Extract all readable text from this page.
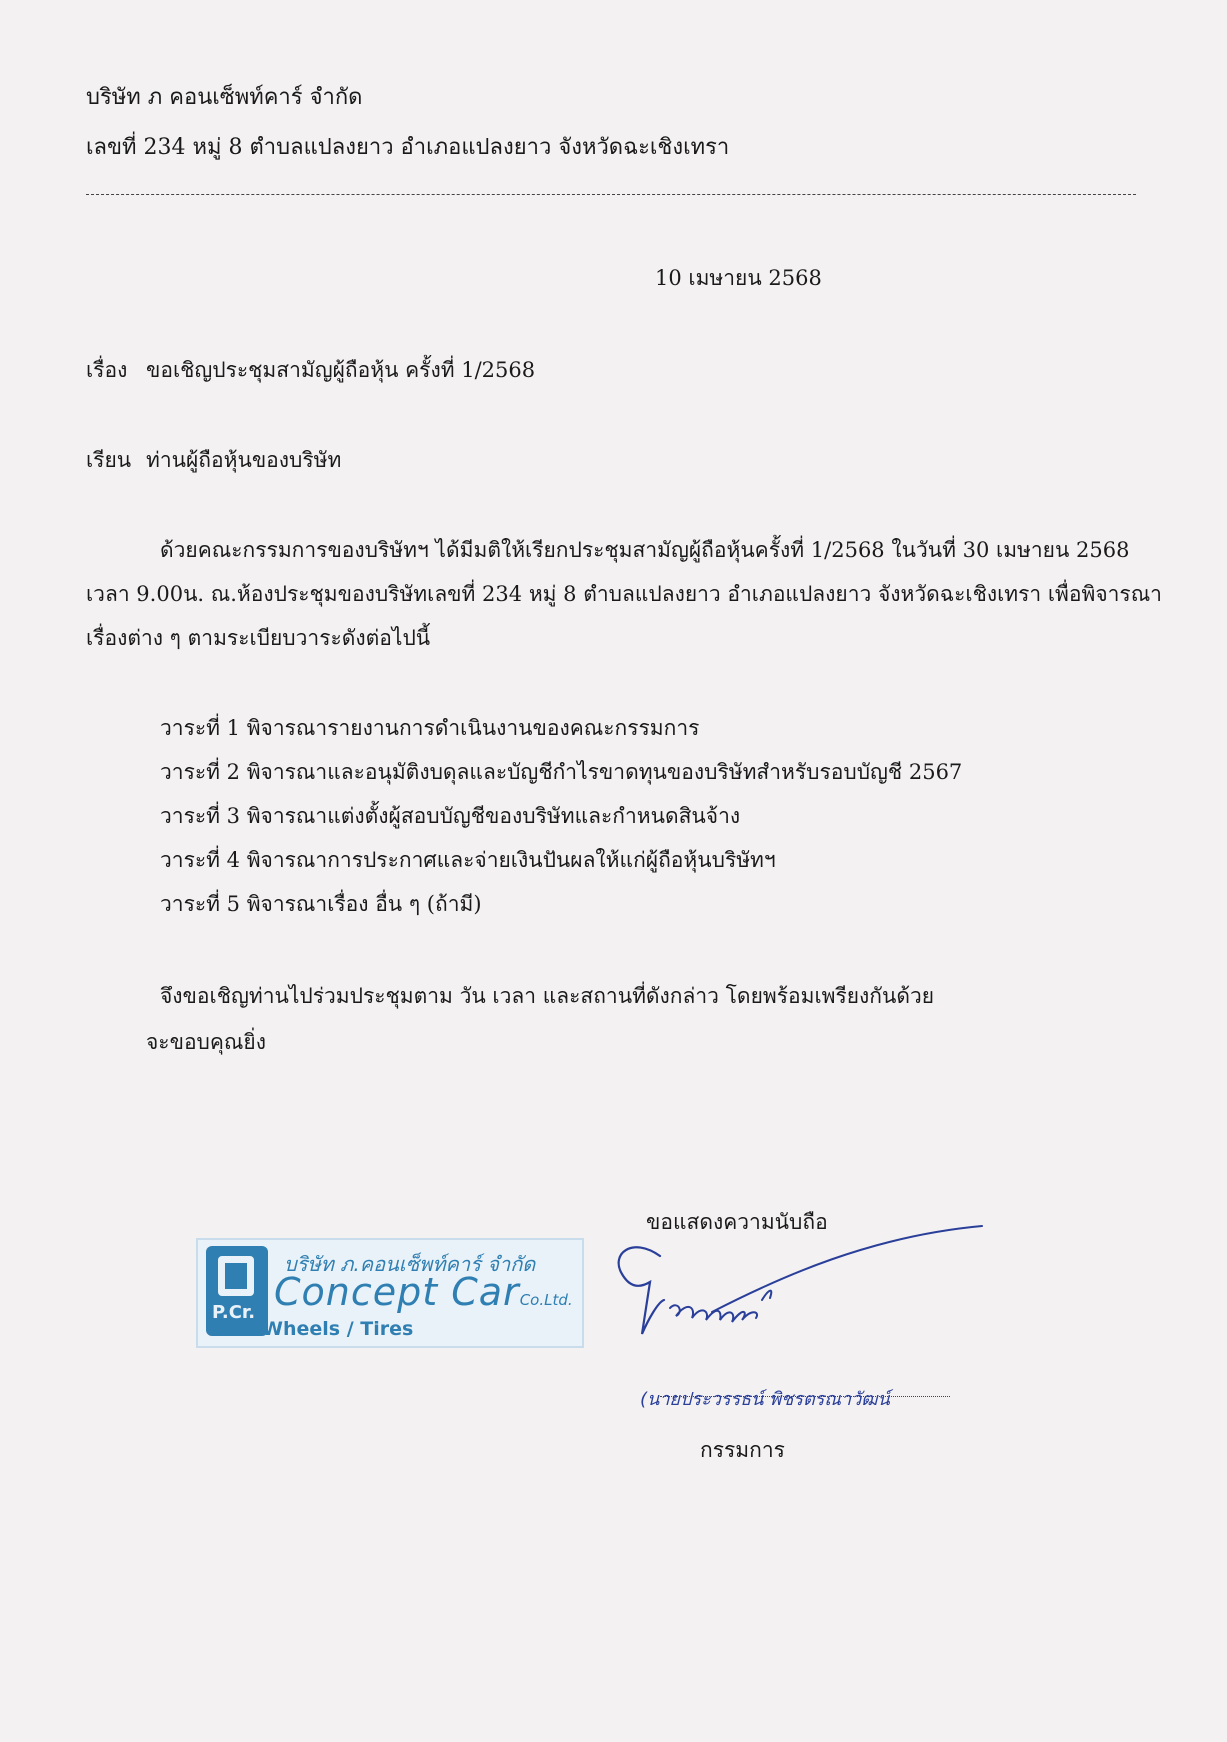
บริษัท ภ คอนเซ็พท์คาร์ จำกัด
เลขที่ 234 หมู่ 8 ตำบลแปลงยาว อำเภอแปลงยาว จังหวัดฉะเชิงเทรา
10 เมษายน 2568
เรื่อง ขอเชิญประชุมสามัญผู้ถือหุ้น ครั้งที่ 1/2568
เรียน ท่านผู้ถือหุ้นของบริษัท
ด้วยคณะกรรมการของบริษัทฯ ได้มีมติให้เรียกประชุมสามัญผู้ถือหุ้นครั้งที่ 1/2568 ในวันที่ 30 เมษายน 2568
เวลา 9.00น. ณ.ห้องประชุมของบริษัทเลขที่ 234 หมู่ 8 ตำบลแปลงยาว อำเภอแปลงยาว จังหวัดฉะเชิงเทรา เพื่อพิจารณา
เรื่องต่าง ๆ ตามระเบียบวาระดังต่อไปนี้
วาระที่ 1 พิจารณารายงานการดำเนินงานของคณะกรรมการ
วาระที่ 2 พิจารณาและอนุมัติงบดุลและบัญชีกำไรขาดทุนของบริษัทสำหรับรอบบัญชี 2567
วาระที่ 3 พิจารณาแต่งตั้งผู้สอบบัญชีของบริษัทและกำหนดสินจ้าง
วาระที่ 4 พิจารณาการประกาศและจ่ายเงินปันผลให้แก่ผู้ถือหุ้นบริษัทฯ
วาระที่ 5 พิจารณาเรื่อง อื่น ๆ (ถ้ามี)
จึงขอเชิญท่านไปร่วมประชุมตาม วัน เวลา และสถานที่ดังกล่าว โดยพร้อมเพรียงกันด้วย
จะขอบคุณยิ่ง
ขอแสดงความนับถือ
P.Cr.
บริษัท ภ.คอนเซ็พท์คาร์ จำกัด
Concept CarCo.Ltd.
Wheels / Tires
(นายประวรรธน์ พิชรตรณาวัฒน์
กรรมการ
